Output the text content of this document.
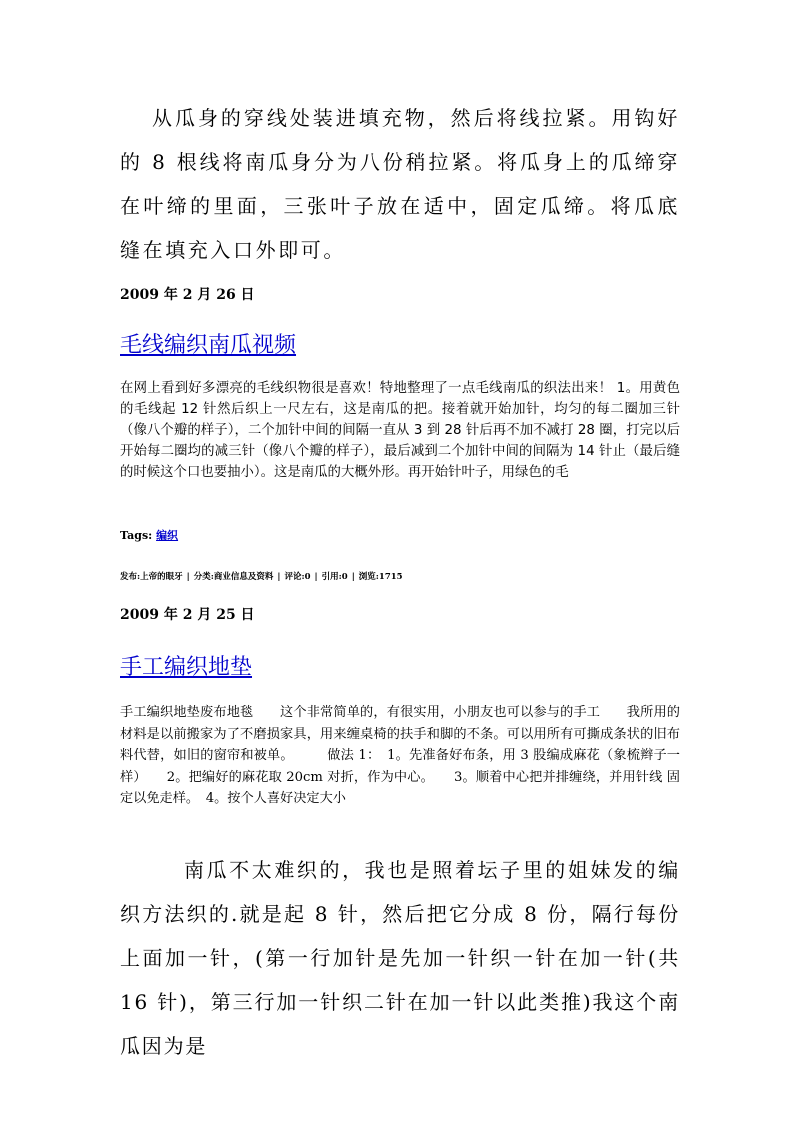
从瓜身的穿线处装进填充物，然后将线拉紧。用钩好的 8 根线将南瓜身分为八份稍拉紧。将瓜身上的瓜缔穿在叶缔的里面，三张叶子放在适中，固定瓜缔。将瓜底缝在填充入口外即可。

2009 年 2 月 26 日
毛线编织南瓜视频

在网上看到好多漂亮的毛线织物很是喜欢！特地整理了一点毛线南瓜的织法出来！ 1。用黄色的毛线起 12 针然后织上一尺左右，这是南瓜的把。接着就开始加针，均匀的每二圈加三针（像八个瓣的样子），二个加针中间的间隔一直从 3 到 28 针后再不加不减打 28 圈，打完以后开始每二圈均的减三针（像八个瓣的样子），最后减到二个加针中间的间隔为 14 针止（最后缝的时候这个口也要抽小）。这是南瓜的大概外形。再开始针叶子，用绿色的毛

Tags: 编织
发布:上帝的眼牙 | 分类:商业信息及资料 | 评论:0 | 引用:0 | 浏览:1715
2009 年 2 月 25 日
手工编织地垫

手工编织地垫废布地毯　　这个非常简单的，有很实用，小朋友也可以参与的手工　　我所用的材料是以前搬家为了不磨损家具，用来缠桌椅的扶手和脚的不条。可以用所有可撕成条状的旧布料代替，如旧的窗帘和被单。　　　做法 1：　1。先准备好布条，用 3 股编成麻花（象梳辫子一样）　　2。把编好的麻花取 20cm 对折，作为中心。　　3。顺着中心把并排缠绕，并用针线 固定以免走样。　4。按个人喜好决定大小

南瓜不太难织的，我也是照着坛子里的姐妹发的编织方法织的.就是起 8 针，然后把它分成 8 份，隔行每份上面加一针，(第一行加针是先加一针织一针在加一针(共 16 针)，第三行加一针织二针在加一针以此类推)我这个南瓜因为是
